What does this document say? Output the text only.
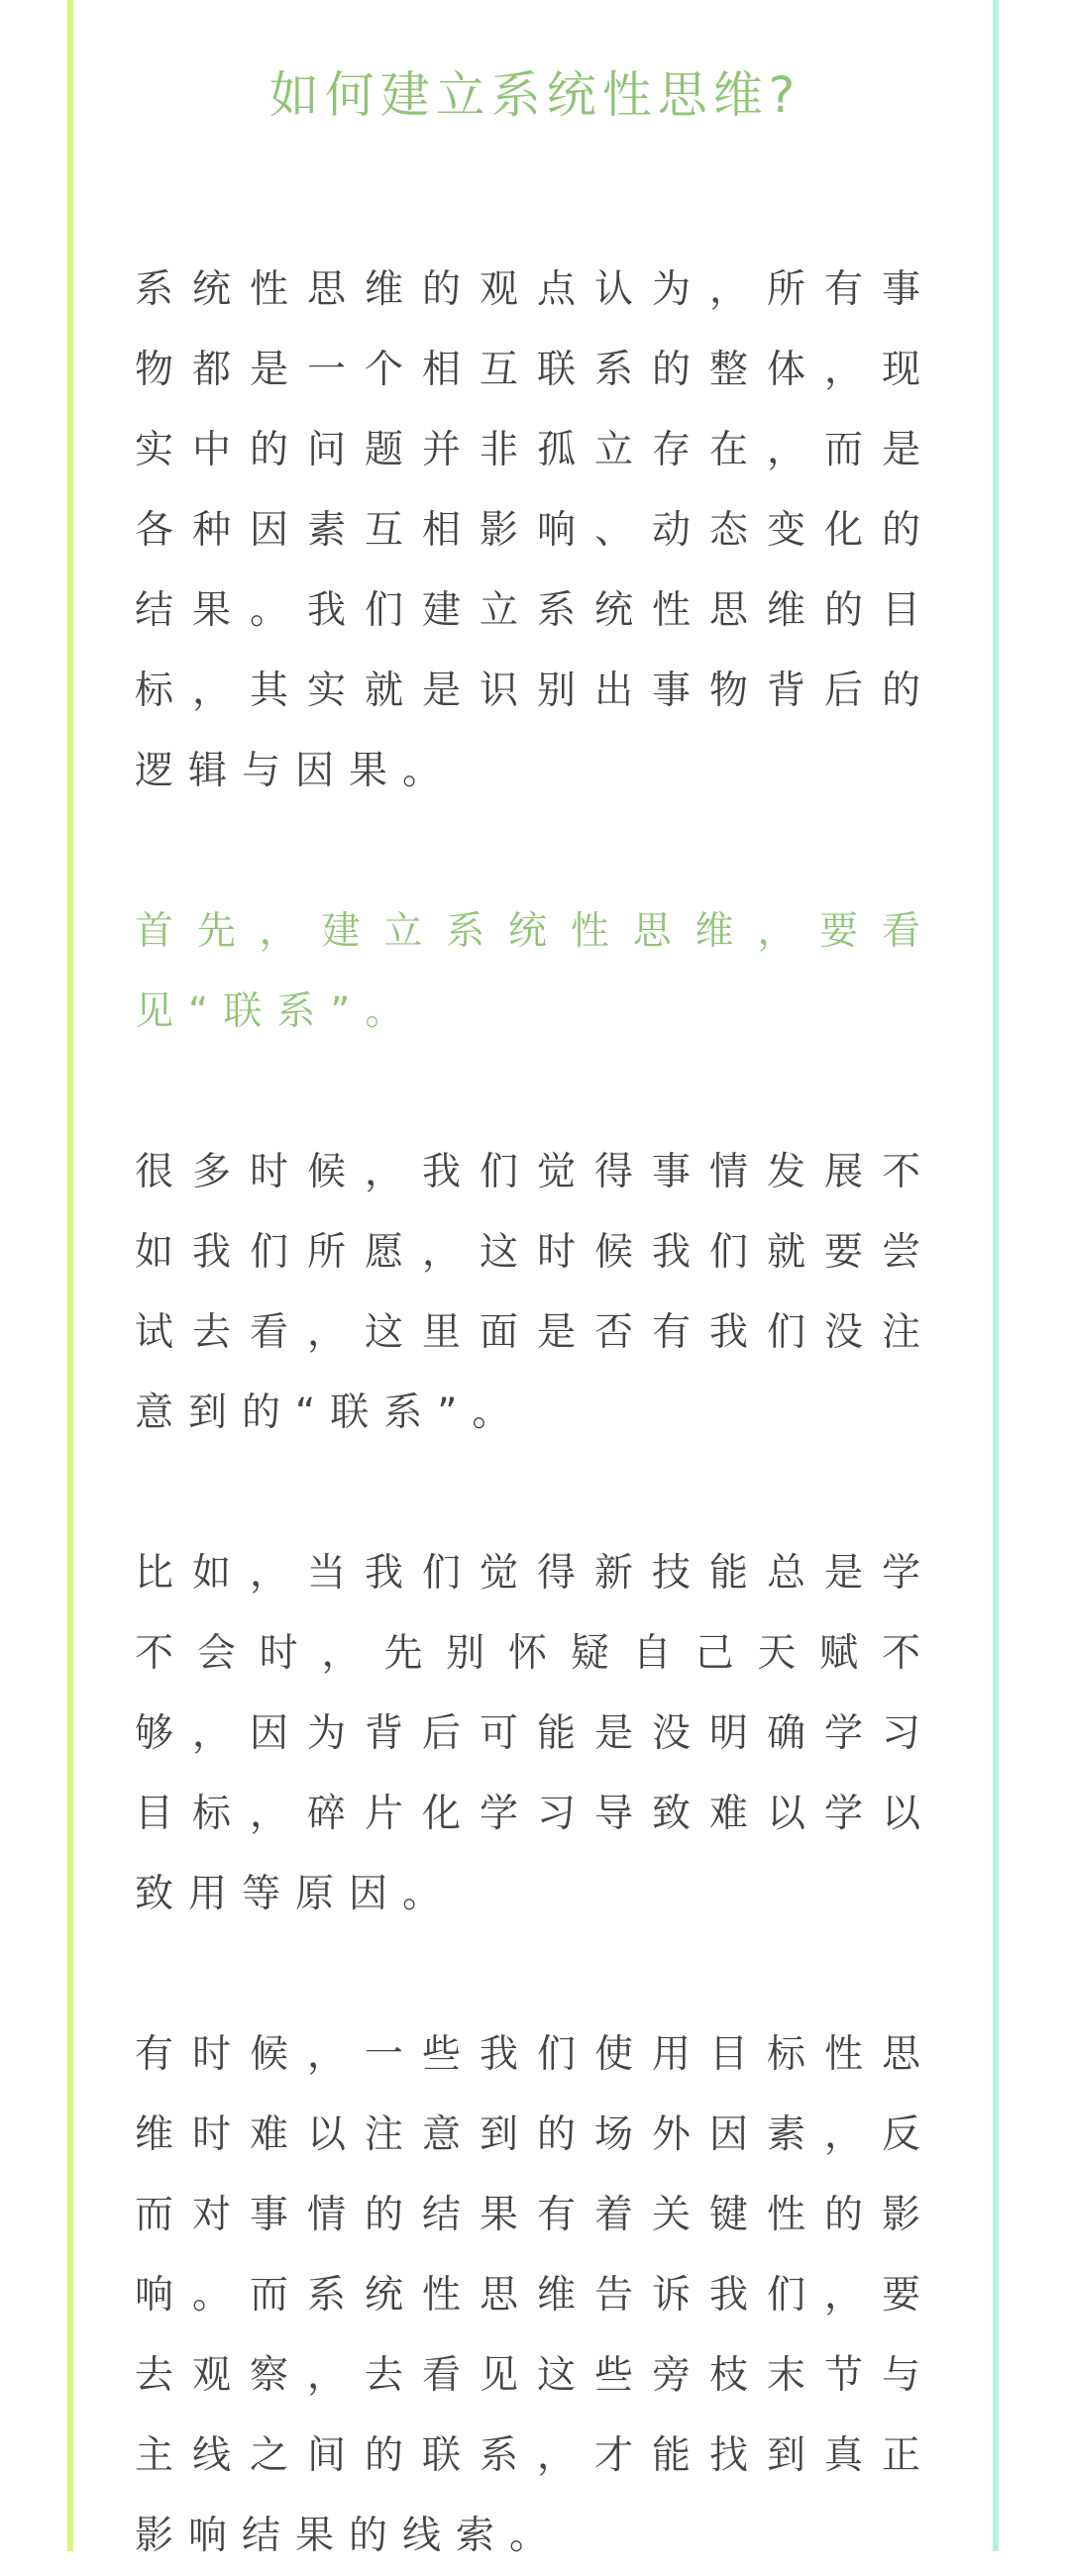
如何建立系统性思维?

系统性思维的观点认为，所有事物都是一个相互联系的整体，现实中的问题并非孤立存在，而是各种因素互相影响、动态变化的结果。我们建立系统性思维的目标，其实就是识别出事物背后的逻辑与因果。

首先，建立系统性思维，要看见“联系”。

很多时候，我们觉得事情发展不如我们所愿，这时候我们就要尝试去看，这里面是否有我们没注意到的“联系”。

比如，当我们觉得新技能总是学不会时，先别怀疑自己天赋不够，因为背后可能是没明确学习目标，碎片化学习导致难以学以致用等原因。

有时候，一些我们使用目标性思维时难以注意到的场外因素，反而对事情的结果有着关键性的影响。而系统性思维告诉我们，要去观察，去看见这些旁枝末节与主线之间的联系，才能找到真正影响结果的线索。
